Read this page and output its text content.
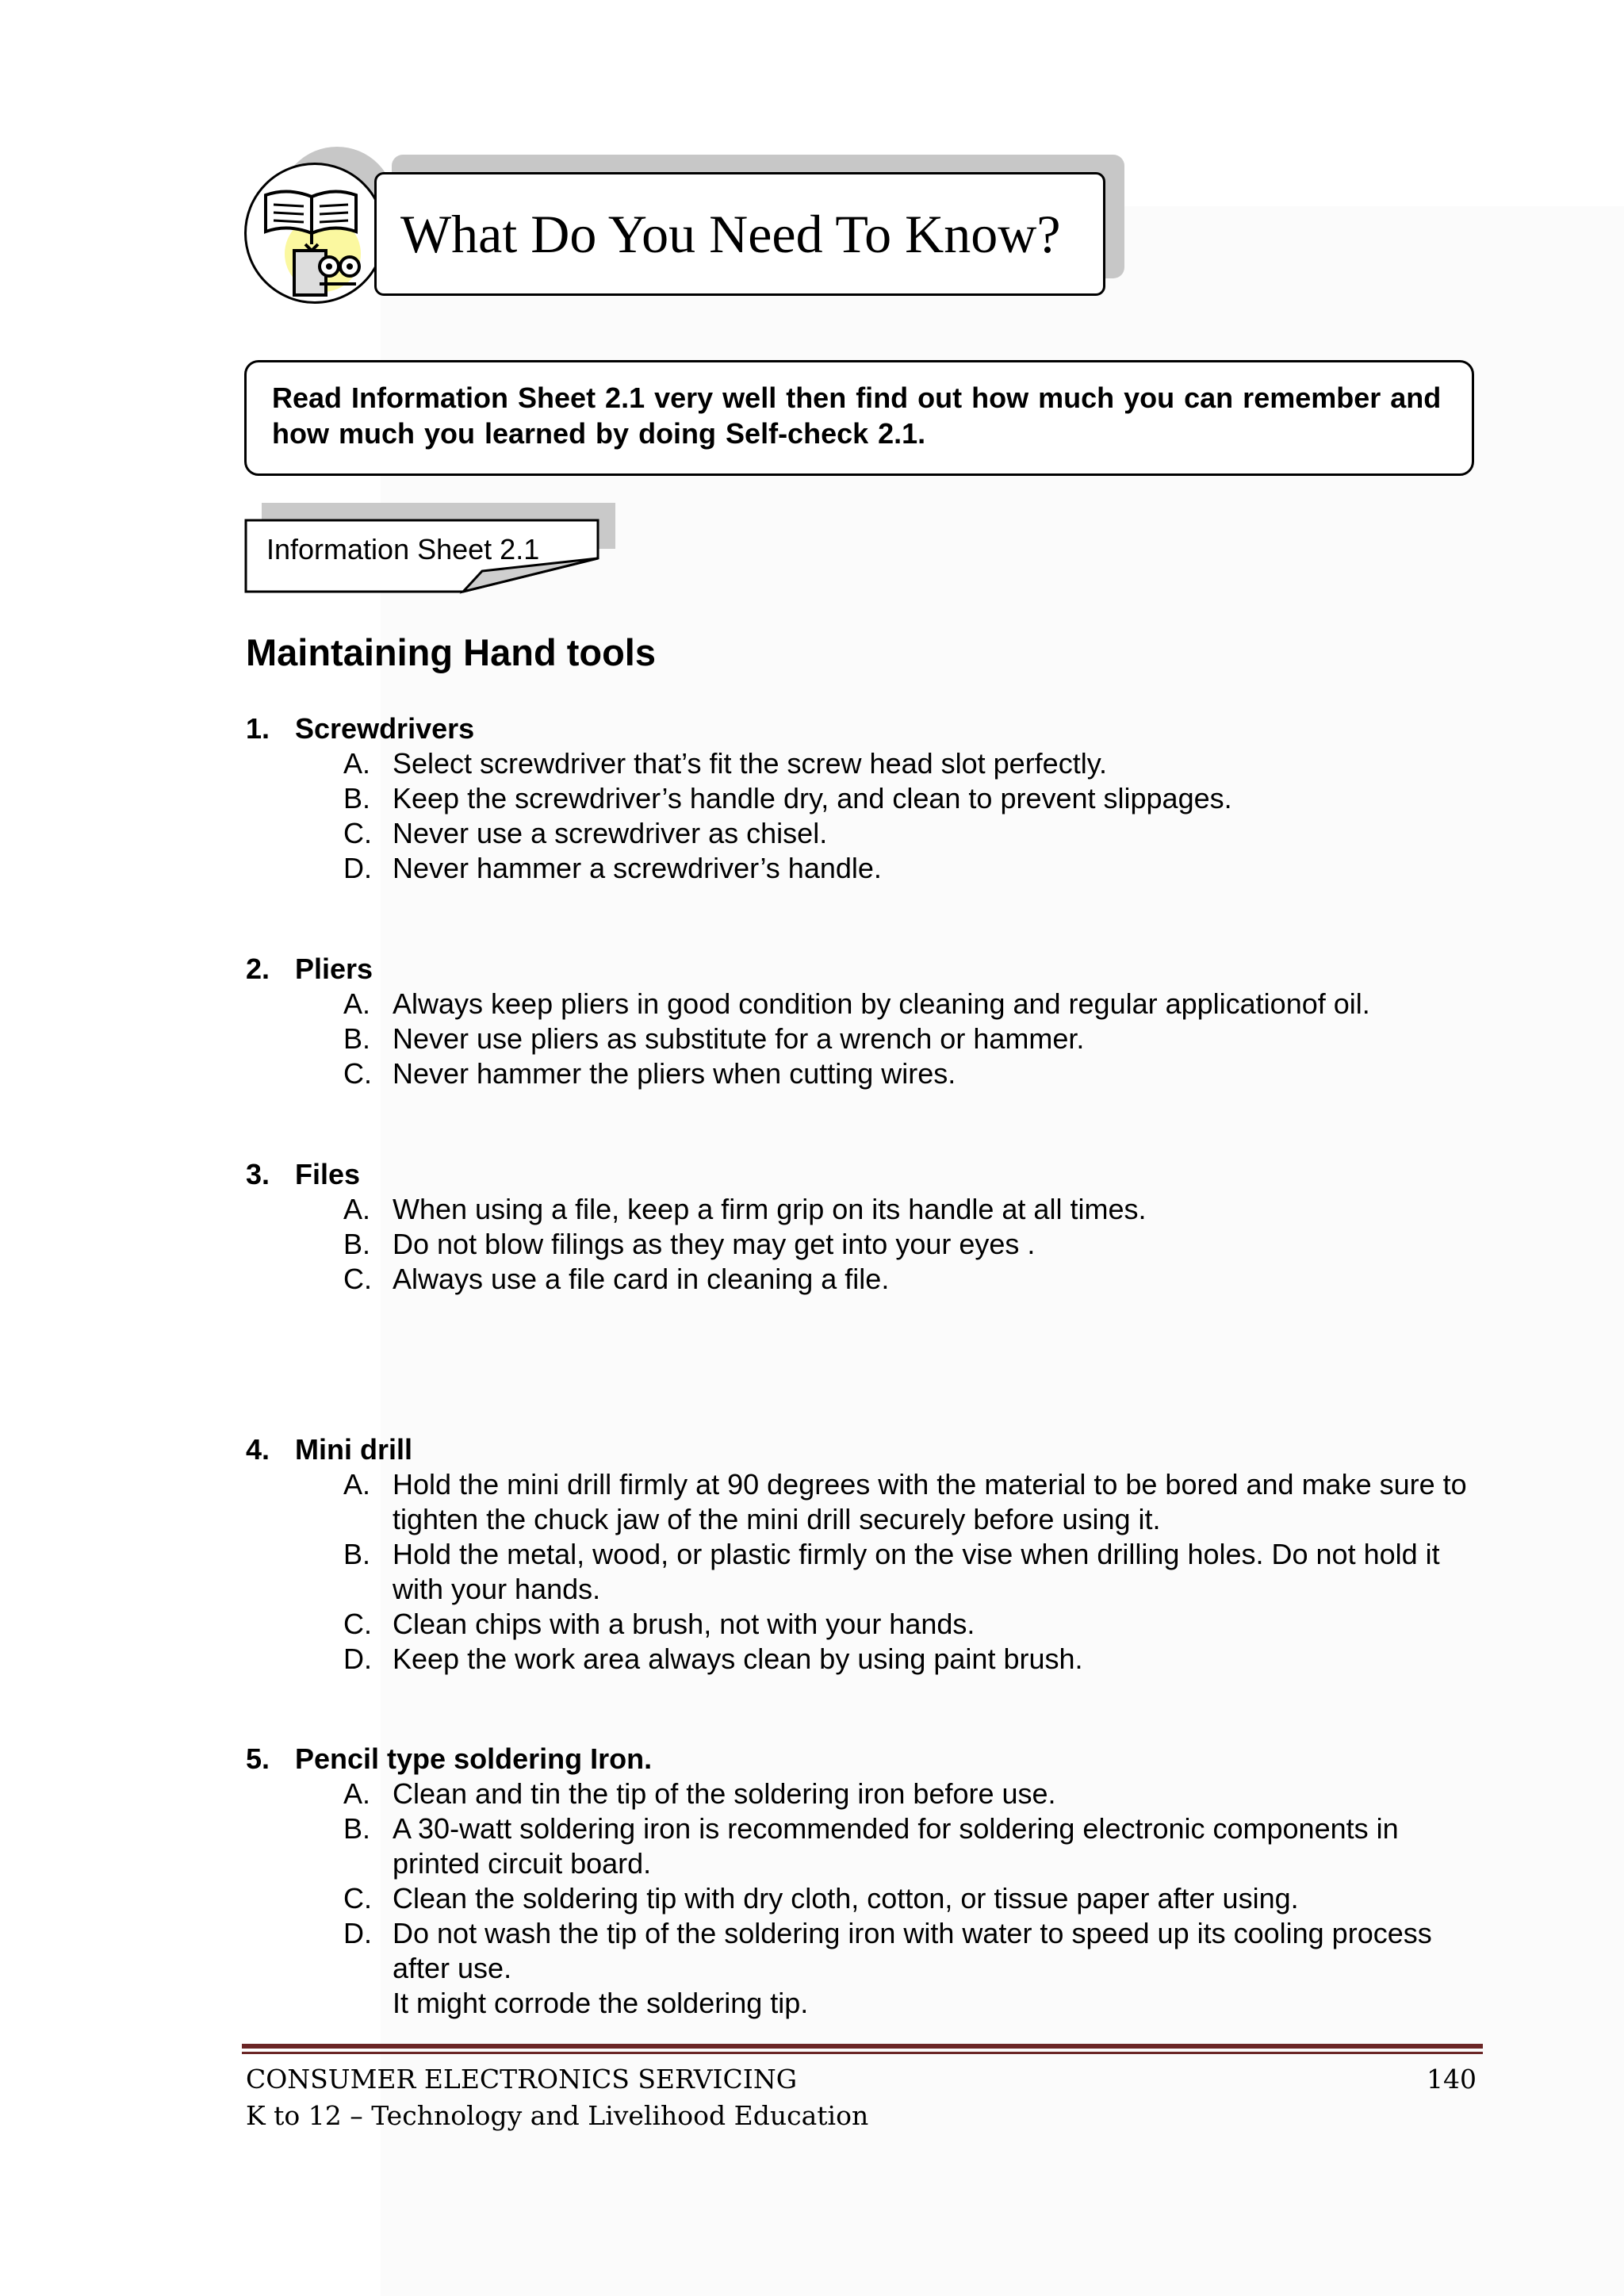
What Do You Need To Know?

Read Information Sheet 2.1 very well then find out how much you can remember and how much you learned by doing Self-check 2.1.

Information Sheet 2.1
Maintaining Hand tools
1. Screwdrivers
A. Select screwdriver that’s fit the screw head slot perfectly.
B. Keep the screwdriver’s handle dry, and clean to prevent slippages.
C. Never use a screwdriver as chisel.
D. Never hammer a screwdriver’s handle.
2. Pliers
A. Always keep pliers in good condition by cleaning and regular applicationof oil.
B. Never use pliers as substitute for a wrench or hammer.
C. Never hammer the pliers when cutting wires.
3. Files
A. When using a file, keep a firm grip on its handle at all times.
B. Do not blow filings as they may get into your eyes .
C. Always use a file card in cleaning a file.
4. Mini drill
A. Hold the mini drill firmly at 90 degrees with the material to be bored and make sure to tighten the chuck jaw of the mini drill securely before using it.
B. Hold the metal, wood, or plastic firmly on the vise when drilling holes. Do not hold it with your hands.
C. Clean chips with a brush, not with your hands.
D. Keep the work area always clean by using paint brush.
5. Pencil type soldering Iron.
A. Clean and tin the tip of the soldering iron before use.
B. A 30-watt soldering iron is recommended for soldering electronic components in printed circuit board.
C. Clean the soldering tip with dry cloth, cotton, or tissue paper after using.
D. Do not wash the tip of the soldering iron with water to speed up its cooling process after use.
It might corrode the soldering tip.
CONSUMER ELECTRONICS SERVICING	140
K to 12 – Technology and Livelihood Education
